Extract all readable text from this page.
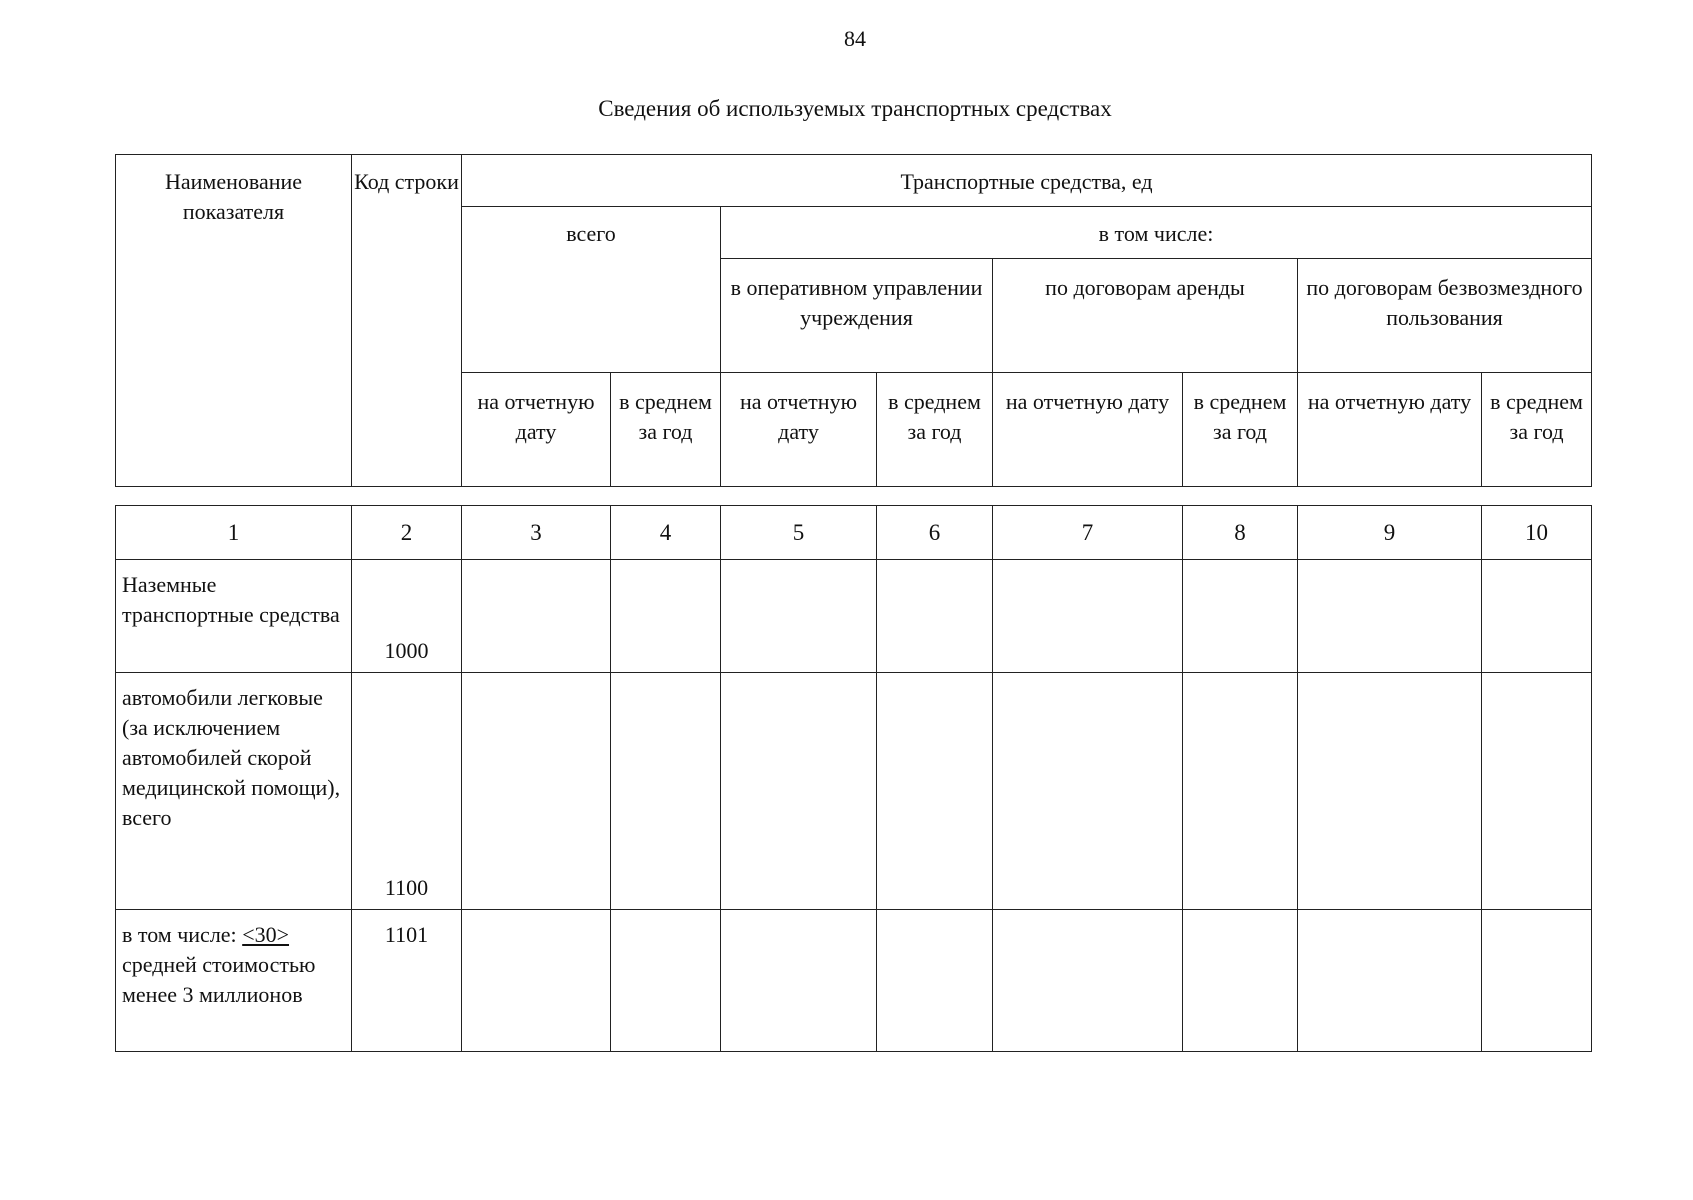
84
Сведения об используемых транспортных средствах
Наименование показателя	Код строки	Транспортные средства, ед							
		всего		в том числе:					
				в оперативном управлении учреждения		по договорам аренды		по договорам безвозмездного пользования	
		на отчетную дату	в среднем за год	на отчетную дату	в среднем за год	на отчетную дату	в среднем за год	на отчетную дату	в среднем за год
1	2	3	4	5	6	7	8	9	10
Наземные транспортные средства	1000								
автомобили легковые (за исключением автомобилей скорой медицинской помощи), всего	1100								
в том числе: <30> средней стоимостью менее 3 миллионов	1101								
